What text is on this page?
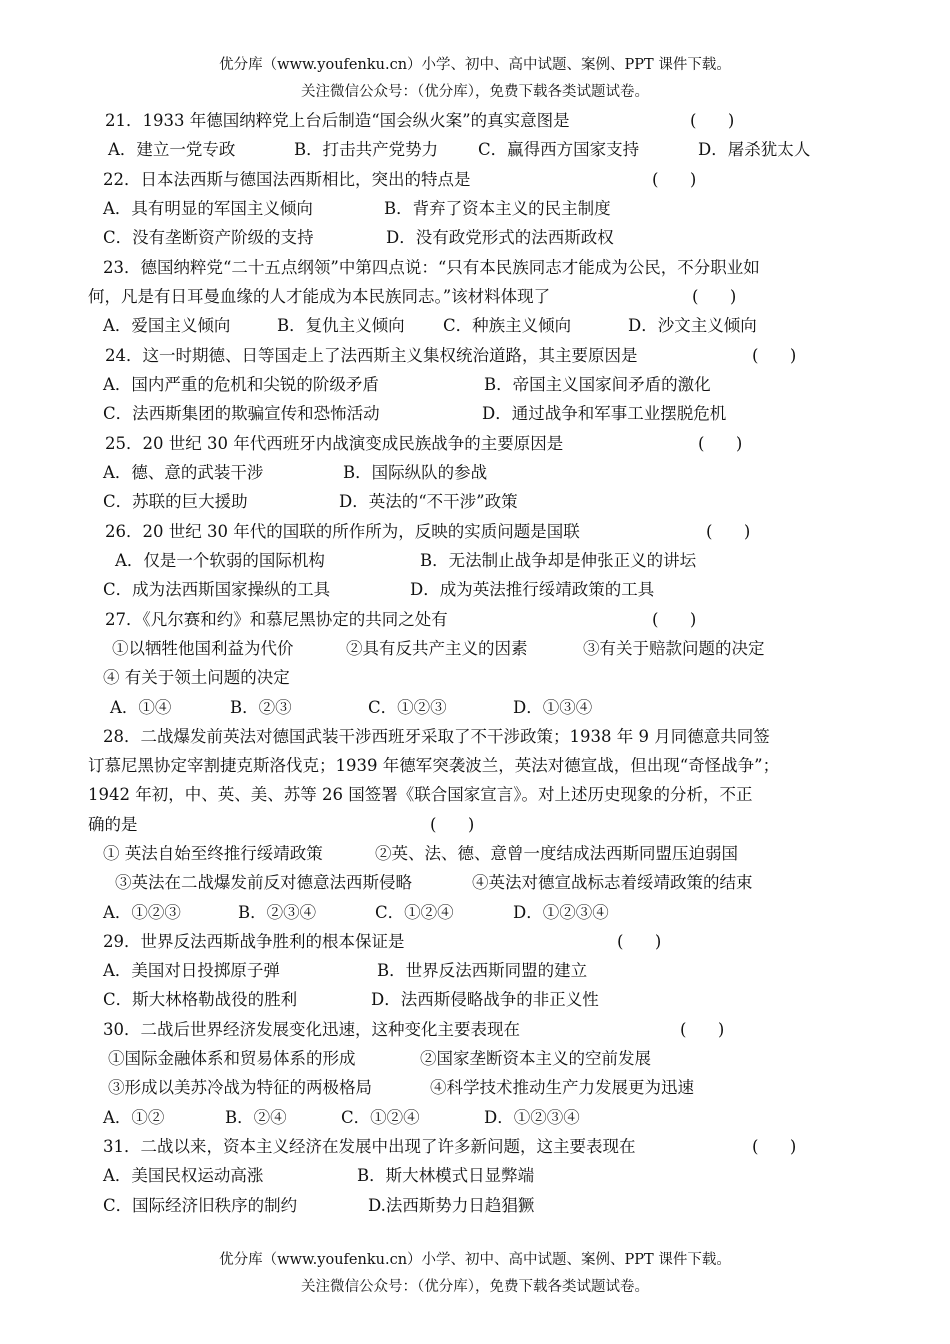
优分库（www.youfenku.cn）小学、初中、高中试题、案例、PPT 课件下载。
关注微信公众号：（优分库），免费下载各类试题试卷。
21．1933 年德国纳粹党上台后制造“国会纵火案”的真实意图是	(      )
A．建立一党专政	B．打击共产党势力 C．赢得西方国家支持	D．屠杀犹太人
22．日本法西斯与德国法西斯相比，突出的特点是	(      )
A．具有明显的军国主义倾向	B．背弃了资本主义的民主制度
C．没有垄断资产阶级的支持	D．没有政党形式的法西斯政权
23．德国纳粹党“二十五点纲领”中第四点说：“只有本民族同志才能成为公民，不分职业如
何，凡是有日耳曼血缘的人才能成为本民族同志。”该材料体现了	(      )
A．爱国主义倾向	B．复仇主义倾向 C．种族主义倾向	D．沙文主义倾向
24．这一时期德、日等国走上了法西斯主义集权统治道路，其主要原因是	(      )
A．国内严重的危机和尖锐的阶级矛盾	B．帝国主义国家间矛盾的激化
C．法西斯集团的欺骗宣传和恐怖活动	D．通过战争和军事工业摆脱危机
25．20 世纪 30 年代西班牙内战演变成民族战争的主要原因是	(      )
A．德、意的武装干涉	B．国际纵队的参战
C．苏联的巨大援助	D．英法的“不干涉”政策
26．20 世纪 30 年代的国联的所作所为，反映的实质问题是国联	(      )
A．仅是一个软弱的国际机构	B．无法制止战争却是伸张正义的讲坛
C．成为法西斯国家操纵的工具	D．成为英法推行绥靖政策的工具
27．《凡尔赛和约》和慕尼黑协定的共同之处有	(      )
①以牺牲他国利益为代价	②具有反共产主义的因素	③有关于赔款问题的决定
④ 有关于领土问题的决定
A．①④	B．②③	C．①②③	D．①③④
28．二战爆发前英法对德国武装干涉西班牙采取了不干涉政策；1938 年 9 月同德意共同签
订慕尼黑协定宰割捷克斯洛伐克；1939 年德军突袭波兰，英法对德宣战，但出现“奇怪战争”；
1942 年初，中、英、美、苏等 26 国签署《联合国家宣言》。对上述历史现象的分析，不正
确的是	(      )
① 英法自始至终推行绥靖政策	②英、法、德、意曾一度结成法西斯同盟压迫弱国
③英法在二战爆发前反对德意法西斯侵略	④英法对德宣战标志着绥靖政策的结束
A．①②③	B．②③④	C．①②④	D．①②③④
29．世界反法西斯战争胜利的根本保证是	(      )
A．美国对日投掷原子弹	B．世界反法西斯同盟的建立
C．斯大林格勒战役的胜利	D．法西斯侵略战争的非正义性
30．二战后世界经济发展变化迅速，这种变化主要表现在	(      )
①国际金融体系和贸易体系的形成	②国家垄断资本主义的空前发展
③形成以美苏冷战为特征的两极格局	④科学技术推动生产力发展更为迅速
A．①②	B．②④	C．①②④	D．①②③④
31．二战以来，资本主义经济在发展中出现了许多新问题，这主要表现在	(      )
A．美国民权运动高涨	B．斯大林模式日显弊端
C．国际经济旧秩序的制约	D.法西斯势力日趋猖獗
优分库（www.youfenku.cn）小学、初中、高中试题、案例、PPT 课件下载。
关注微信公众号：（优分库），免费下载各类试题试卷。
